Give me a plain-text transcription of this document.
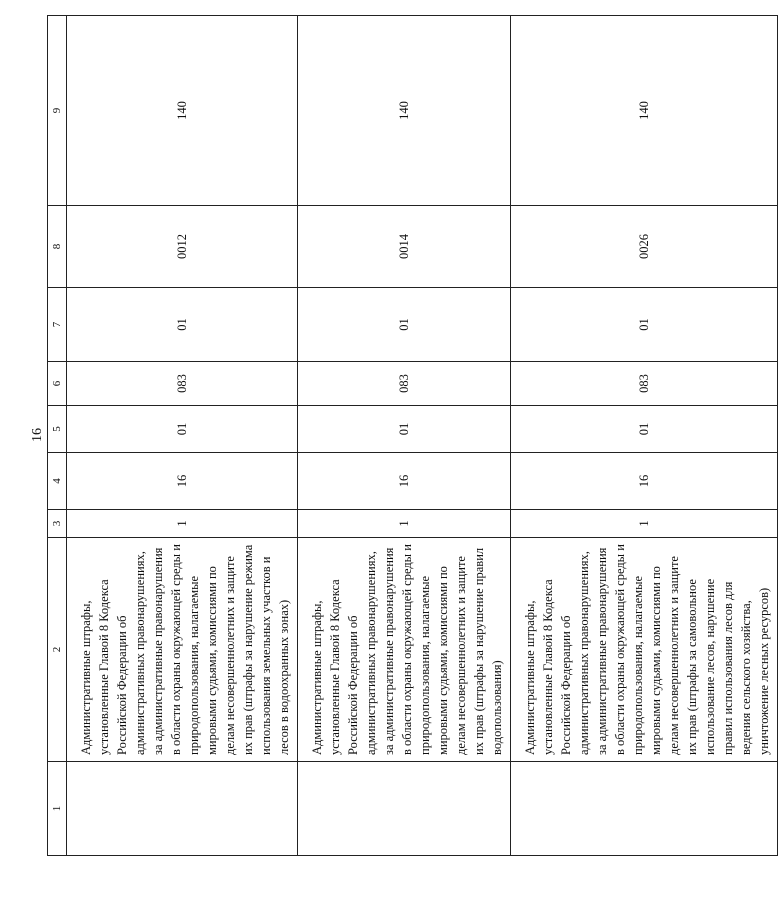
16
1	2	3	4	5	6	7	8	9
	Административные штрафы, установленные Главой 8 Кодекса Российской Федерации об административных правонарушениях, за административные правонарушения в области охраны окружающей среды и природопользования, налагаемые мировыми судьями, комиссиями по делам несовершеннолетних и защите их прав (штрафы за нарушение режима использования земельных участков и лесов в водоохранных зонах)	1	16	01	083	01	0012	140
	Административные штрафы, установленные Главой 8 Кодекса Российской Федерации об административных правонарушениях, за административные правонарушения в области охраны окружающей среды и природопользования, налагаемые мировыми судьями, комиссиями по делам несовершеннолетних и защите их прав (штрафы за нарушение правил водопользования)	1	16	01	083	01	0014	140
	Административные штрафы, установленные Главой 8 Кодекса Российской Федерации об административных правонарушениях, за административные правонарушения в области охраны окружающей среды и природопользования, налагаемые мировыми судьями, комиссиями по делам несовершеннолетних и защите их прав (штрафы за самовольное использование лесов, нарушение правил использования лесов для ведения сельского хозяйства, уничтожение лесных ресурсов)	1	16	01	083	01	0026	140
